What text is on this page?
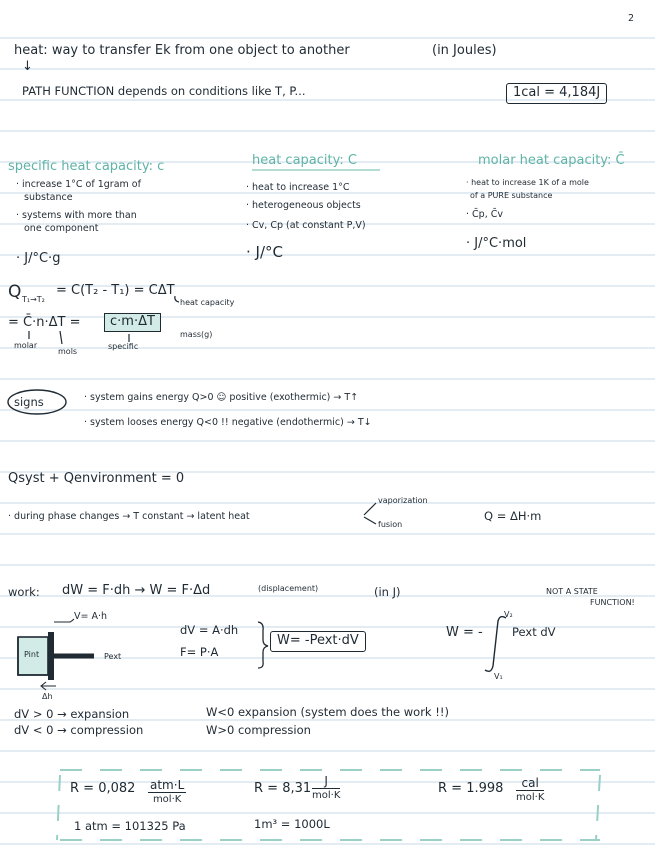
2
heat: way to transfer Ek from one object to another	(in Joules)
↓
PATH FUNCTION depends on conditions like T, P...	1cal = 4,184J
specific heat capacity: c
· increase 1°C of 1gram of
substance
· systems with more than
one component
· J/°C·g
heat capacity: C
· heat to increase 1°C
· heterogeneous objects
· Cv, Cp (at constant P,V)
· J/°C
molar heat capacity: C̄
· heat to increase 1K of a mole
of a PURE substance
· C̄p, C̄v
· J/°C·mol
Q T₁→T₂
= C(T₂ - T₁) = CΔT
heat capacity
= C̄·n·ΔT =	c·m·ΔT
mass(g)
molar
mols
specific
signs	· system gains energy Q>0 ☺ positive (exothermic) → T↑
· system looses energy Q<0 !! negative (endothermic) → T↓
Qsyst + Qenvironment = 0
· during phase changes → T constant → latent heat
vaporization
fusion
Q = ΔH·m
work: dW = F·dh → W = F·Δd	(displacement)	(in J)	NOT A STATE
FUNCTION!
V= A·h
Pint	Pext
Δh
dV = A·dh
F= P·A
W= -Pext·dV
W = -
V₂
V₁
Pext dV
dV > 0 → expansion
dV < 0 → compression
W<0 expansion (system does the work !!)
W>0 compression
R = 0,082 atm·L
mol·K
R = 8,31	J
mol·K	R = 1.998	cal
mol·K
1 atm = 101325 Pa	1m³ = 1000L
